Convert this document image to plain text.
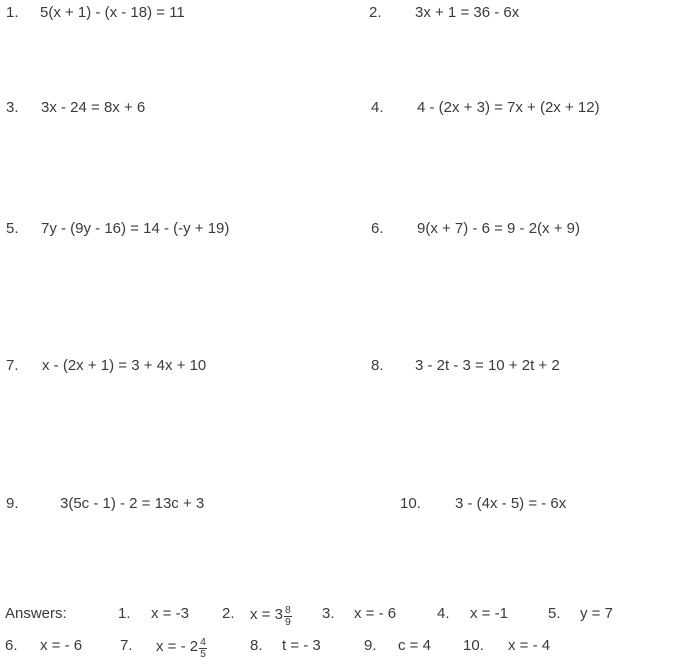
1. 5(x + 1) - (x - 18) = 11	2. 3x + 1 = 36 - 6x
3. 3x - 24 = 8x + 6	4. 4 - (2x + 3) = 7x + (2x + 12)
5. 7y - (9y - 16) = 14 - (-y + 19)	6. 9(x + 7) - 6 = 9 - 2(x + 9)
7. x - (2x + 1) = 3 + 4x + 10	8. 3 - 2t - 3 = 10 + 2t + 2
9.	3(5c - 1) - 2 = 13c + 3	10. 3 - (4x - 5) = - 6x
Answers:	1. x = -3 2. $x = 3 \frac{8}{9} 3$. x = - 6	4. x = -1	5. y = 7
6. x = - 6	7. x = - $2 \frac{4}{5}$	8. t = - 3	9. c = 4 10. x = - 4
